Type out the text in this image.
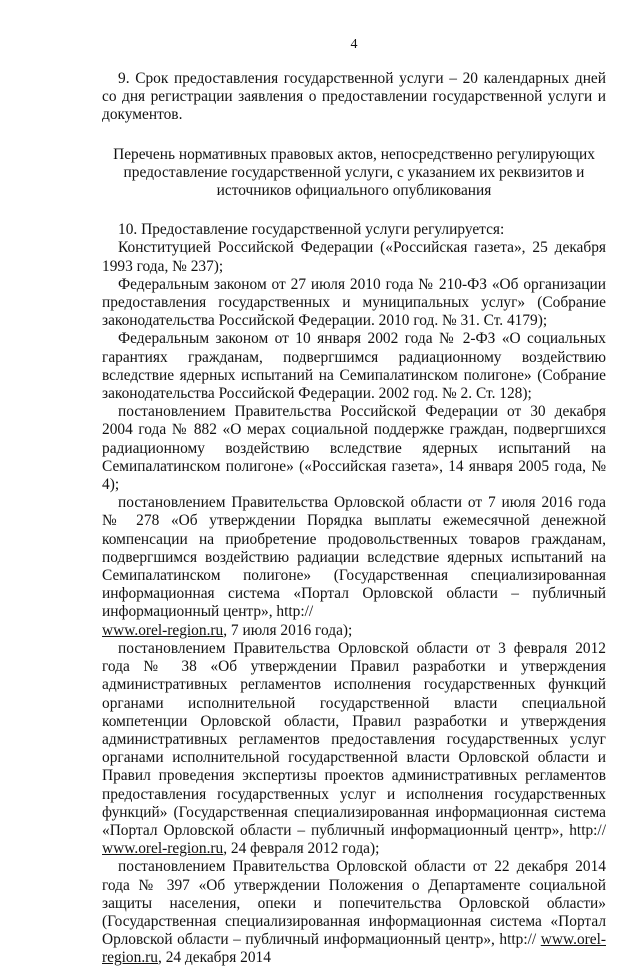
4

9. Срок предоставления государственной услуги – 20 календарных дней со дня регистрации заявления о предоставлении государственной услуги и документов.

Перечень нормативных правовых актов, непосредственно регулирующих
предоставление государственной услуги, с указанием их реквизитов и
источников официального опубликования

10. Предоставление государственной услуги регулируется:

Конституцией Российской Федерации («Российская газета», 25 декабря 1993 года, № 237);

Федеральным законом от 27 июля 2010 года № 210-ФЗ «Об организации предоставления государственных и муниципальных услуг» (Собрание законодательства Российской Федерации. 2010 год. № 31. Ст. 4179);

Федеральным законом от 10 января 2002 года № 2-ФЗ «О социальных гарантиях гражданам, подвергшимся радиационному воздействию вследствие ядерных испытаний на Семипалатинском полигоне» (Собрание законодательства Российской Федерации. 2002 год. № 2. Ст. 128);

постановлением Правительства Российской Федерации от 30 декабря 2004 года № 882 «О мерах социальной поддержке граждан, подвергшихся радиационному воздействию вследствие ядерных испытаний на Семипалатинском полигоне» («Российская газета», 14 января 2005 года, № 4);

постановлением Правительства Орловской области от 7 июля 2016 года № 278 «Об утверждении Порядка выплаты ежемесячной денежной компенсации на приобретение продовольственных товаров гражданам, подвергшимся воздействию радиации вследствие ядерных испытаний на Семипалатинском полигоне» (Государственная специализированная информационная система «Портал Орловской области – публичный информационный центр», http://
www.orel-region.ru, 7 июля 2016 года);

постановлением Правительства Орловской области от 3 февраля 2012 года № 38 «Об утверждении Правил разработки и утверждения административных регламентов исполнения государственных функций органами исполнительной государственной власти специальной компетенции Орловской области, Правил разработки и утверждения административных регламентов предоставления государственных услуг органами исполнительной государственной власти Орловской области и Правил проведения экспертизы проектов административных регламентов предоставления государственных услуг и исполнения государственных функций» (Государственная специализированная информационная система «Портал Орловской области – публичный информационный центр», http:// www.orel-region.ru, 24 февраля 2012 года);

постановлением Правительства Орловской области от 22 декабря 2014 года № 397 «Об утверждении Положения о Департаменте социальной защиты населения, опеки и попечительства Орловской области» (Государственная специализированная информационная система «Портал Орловской области – публичный информационный центр», http:// www.orel-region.ru, 24 декабря 2014
